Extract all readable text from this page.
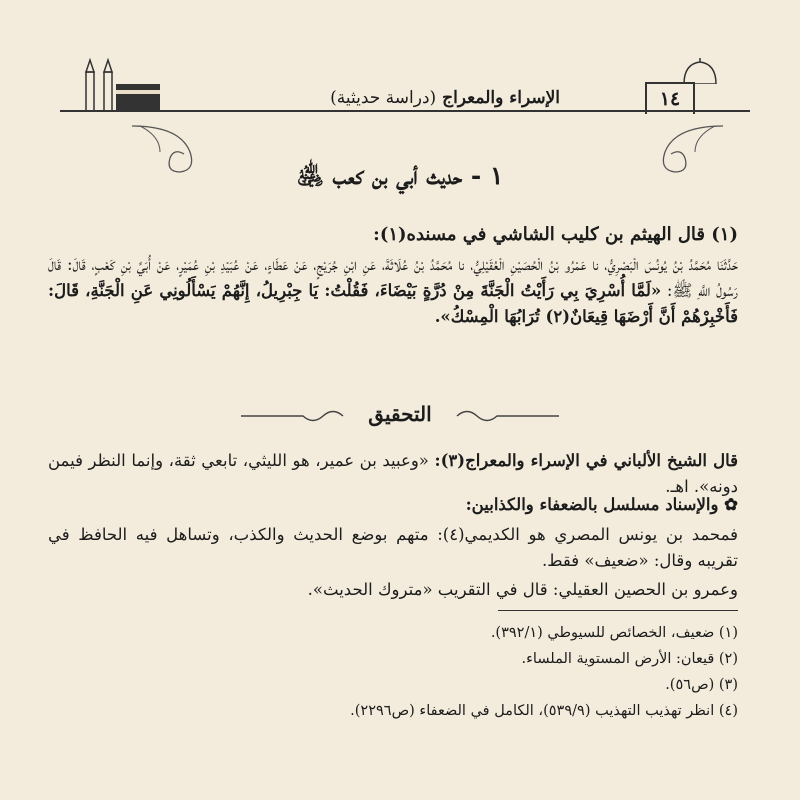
١٤
الإسراء والمعراج (دراسة حديثية)
١ - حديث أبي بن كعب ﵁
(١) قال الهيثم بن كليب الشاشي في مسنده(١):
حَدَّثَنَا مُحَمَّدُ بْنُ يُونُسَ الْبَصْرِيُّ، نا عَمْرُو بْنُ الْحُصَيْنِ الْعُقَيْلِيُّ، نا مُحَمَّدُ بْنُ عُلَاثَةَ، عَنِ ابْنِ جُرَيْجٍ، عَنْ عَطَاءٍ، عَنْ عُبَيْدِ بْنِ عُمَيْرٍ، عَنْ أُبَيِّ بْنِ كَعْبٍ، قَالَ: قَالَ رَسُولُ اللَّهِ ﷺ: «لَمَّا أُسْرِيَ بِي رَأَيْتُ الْجَنَّةَ مِنْ دُرَّةٍ بَيْضَاءَ، فَقُلْتُ: يَا جِبْرِيلُ، إِنَّهُمْ يَسْأَلُونِي عَنِ الْجَنَّةِ، قَالَ: فَأَخْبِرْهُمْ أَنَّ أَرْضَهَا قِيعَانٌ(٢) تُرَابُهَا الْمِسْكُ».
التحقيق
قال الشيخ الألباني في الإسراء والمعراج(٣): «وعبيد بن عمير، هو الليثي، تابعي ثقة، وإنما النظر فيمن دونه». اهـ.
✿ والإسناد مسلسل بالضعفاء والكذابين:
فمحمد بن يونس المصري هو الكديمي(٤): متهم بوضع الحديث والكذب، وتساهل فيه الحافظ في تقريبه وقال: «ضعيف» فقط.
وعمرو بن الحصين العقيلي: قال في التقريب «متروك الحديث».
(١) ضعيف، الخصائص للسيوطي (٣٩٢/١).
(٢) قيعان: الأرض المستوية الملساء.
(٣) (ص٥٦).
(٤) انظر تهذيب التهذيب (٥٣٩/٩)، الكامل في الضعفاء (ص٢٢٩٦).
